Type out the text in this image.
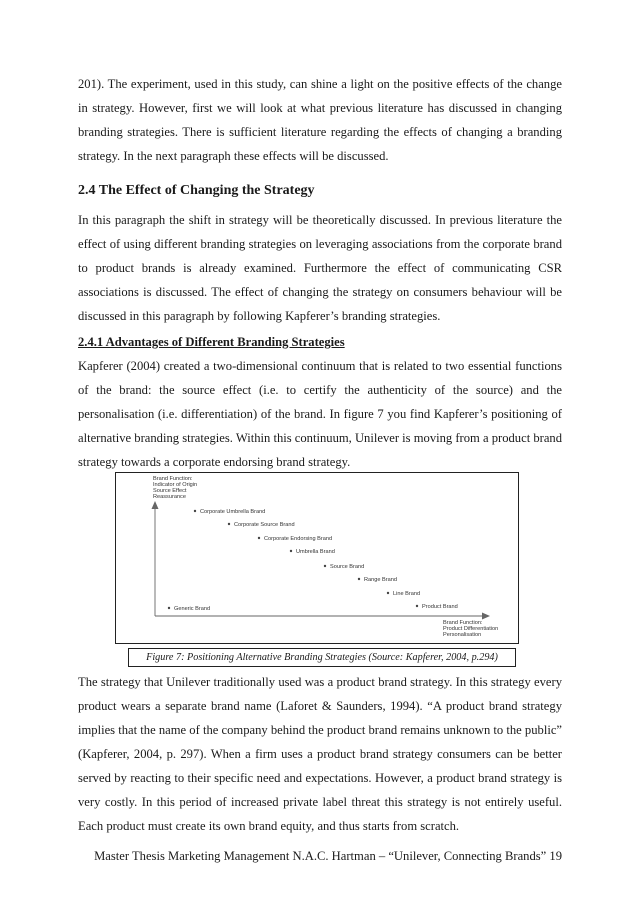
201). The experiment, used in this study, can shine a light on the positive effects of the change in strategy. However, first we will look at what previous literature has discussed in changing branding strategies. There is sufficient literature regarding the effects of changing a branding strategy. In the next paragraph these effects will be discussed.

2.4 The Effect of Changing the Strategy

In this paragraph the shift in strategy will be theoretically discussed. In previous literature the effect of using different branding strategies on leveraging associations from the corporate brand to product brands is already examined. Furthermore the effect of communicating CSR associations is discussed. The effect of changing the strategy on consumers behaviour will be discussed in this paragraph by following Kapferer’s branding strategies.

2.4.1 Advantages of Different Branding Strategies

Kapferer (2004) created a two-dimensional continuum that is related to two essential functions of the brand: the source effect (i.e. to certify the authenticity of the source) and the personalisation (i.e. differentiation) of the brand. In figure 7 you find Kapferer’s positioning of alternative branding strategies. Within this continuum, Unilever is moving from a product brand strategy towards a corporate endorsing brand strategy.

Brand Function:
Indicator of Origin
Source Effect
Reassurance
Brand Function:
Product Differentiation
Personalisation
Corporate Umbrella Brand
Corporate Source Brand
Corporate Endorsing Brand
Umbrella Brand
Source Brand
Range Brand
Line Brand
Product Brand
Generic Brand
Figure 7: Positioning Alternative Branding Strategies (Source: Kapferer, 2004, p.294)

The strategy that Unilever traditionally used was a product brand strategy. In this strategy every product wears a separate brand name (Laforet & Saunders, 1994). “A product brand strategy implies that the name of the company behind the product brand remains unknown to the public” (Kapferer, 2004, p. 297). When a firm uses a product brand strategy consumers can be better served by reacting to their specific need and expectations. However, a product brand strategy is very costly. In this period of increased private label threat this strategy is not entirely useful. Each product must create its own brand equity, and thus starts from scratch.

Master Thesis Marketing Management N.A.C. Hartman – “Unilever, Connecting Brands” 19
